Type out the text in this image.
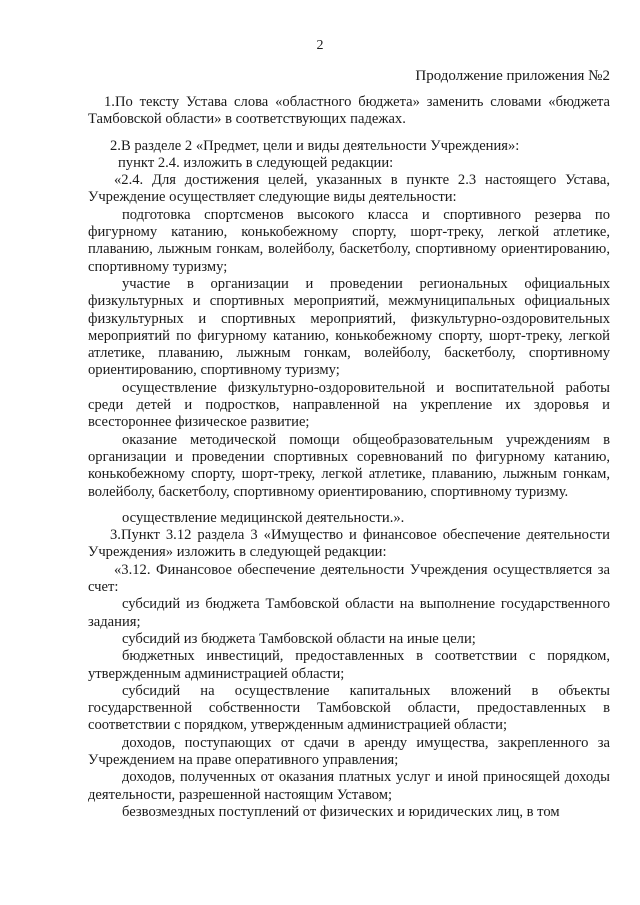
2
Продолжение приложения №2

1.По тексту Устава слова «областного бюджета» заменить словами «бюджета Тамбовской области» в соответствующих падежах.

2.В разделе 2 «Предмет, цели и виды деятельности Учреждения»:

пункт 2.4. изложить в следующей редакции:

«2.4. Для достижения целей, указанных в пункте 2.3 настоящего Устава, Учреждение осуществляет следующие виды деятельности:

подготовка спортсменов высокого класса и спортивного резерва по фигурному катанию, конькобежному спорту, шорт-треку, легкой атлетике, плаванию, лыжным гонкам, волейболу, баскетболу, спортивному ориентированию, спортивному туризму;

участие в организации и проведении региональных официальных физкультурных и спортивных мероприятий, межмуниципальных официальных физкультурных и спортивных мероприятий, физкультурно-оздоровительных мероприятий по фигурному катанию, конькобежному спорту, шорт-треку, легкой атлетике, плаванию, лыжным гонкам, волейболу, баскетболу, спортивному ориентированию, спортивному туризму;

осуществление физкультурно-оздоровительной и воспитательной работы среди детей и подростков, направленной на укрепление их здоровья и всестороннее физическое развитие;

оказание методической помощи общеобразовательным учреждениям в организации и проведении спортивных соревнований по фигурному катанию, конькобежному спорту, шорт-треку, легкой атлетике, плаванию, лыжным гонкам, волейболу, баскетболу, спортивному ориентированию, спортивному туризму.

осуществление медицинской деятельности.».

3.Пункт 3.12 раздела 3 «Имущество и финансовое обеспечение деятельности Учреждения» изложить в следующей редакции:

«3.12. Финансовое обеспечение деятельности Учреждения осуществляется за счет:

субсидий из бюджета Тамбовской области на выполнение государственного задания;

субсидий из бюджета Тамбовской области на иные цели;

бюджетных инвестиций, предоставленных в соответствии с порядком, утвержденным администрацией области;

субсидий на осуществление капитальных вложений в объекты государственной собственности Тамбовской области, предоставленных в соответствии с порядком, утвержденным администрацией области;

доходов, поступающих от сдачи в аренду имущества, закрепленного за Учреждением на праве оперативного управления;

доходов, полученных от оказания платных услуг и иной приносящей доходы деятельности, разрешенной настоящим Уставом;

безвозмездных поступлений от физических и юридических лиц, в том
